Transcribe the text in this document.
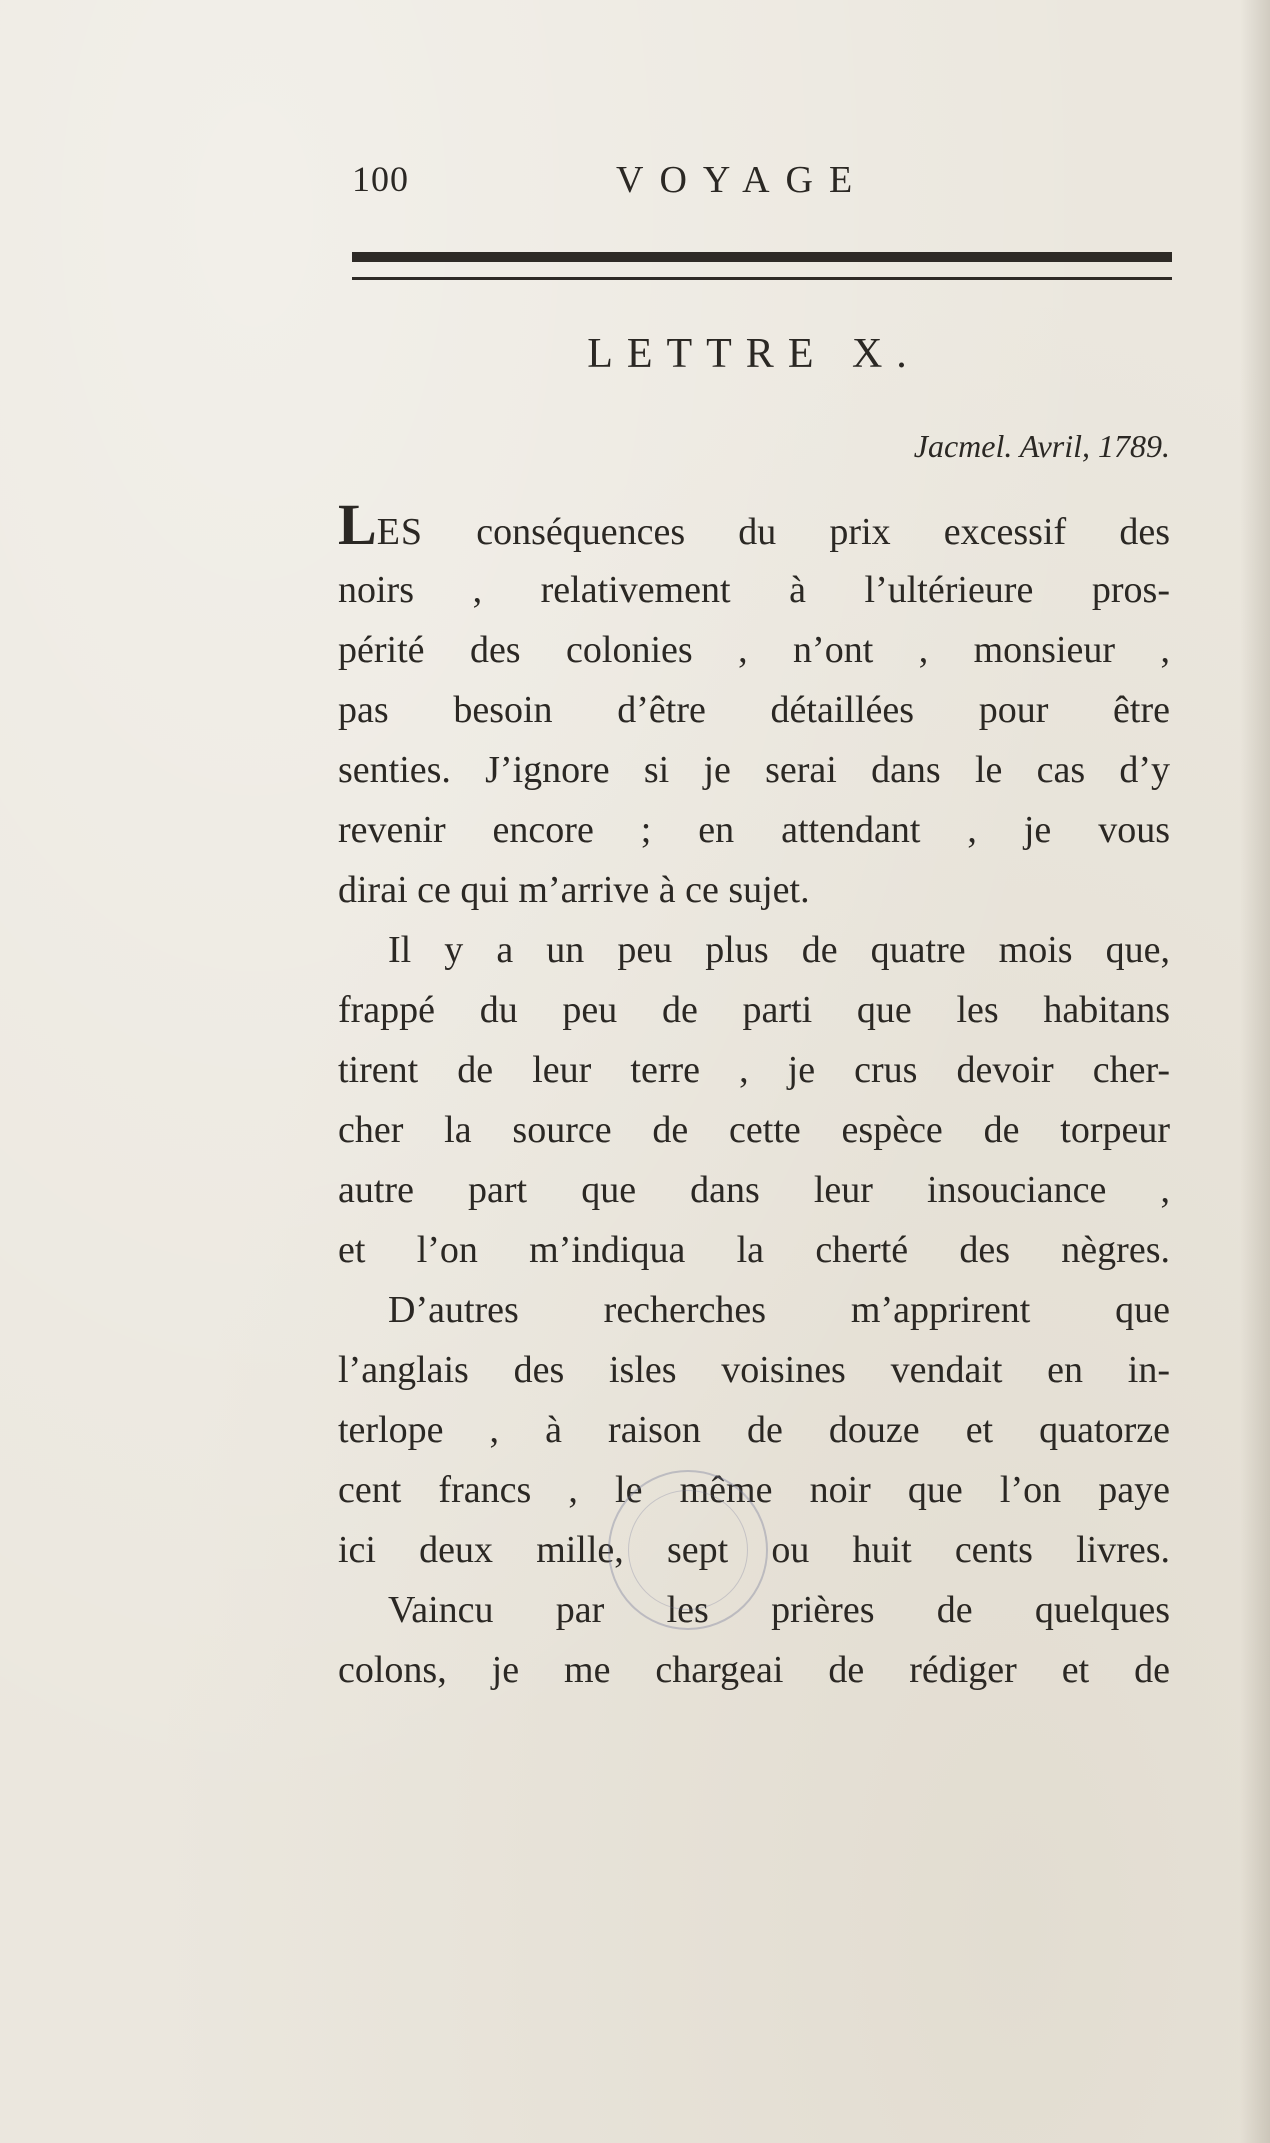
100	VOYAGE
LETTRE X.
Jacmel. Avril, 1789.
LES conséquences du prix excessif des
noirs , relativement à l’ultérieure pros-
périté des colonies , n’ont , monsieur ,
pas besoin d’être détaillées pour être
senties. J’ignore si je serai dans le cas d’y
revenir encore ; en attendant , je vous
dirai ce qui m’arrive à ce sujet.
Il y a un peu plus de quatre mois que,
frappé du peu de parti que les habitans
tirent de leur terre , je crus devoir cher-
cher la source de cette espèce de torpeur
autre part que dans leur insouciance ,
et l’on m’indiqua la cherté des nègres.
D’autres recherches m’apprirent que
l’anglais des isles voisines vendait en in-
terlope , à raison de douze et quatorze
cent francs , le même noir que l’on paye
ici deux mille, sept ou huit cents livres.
Vaincu par les prières de quelques
colons, je me chargeai de rédiger et de
